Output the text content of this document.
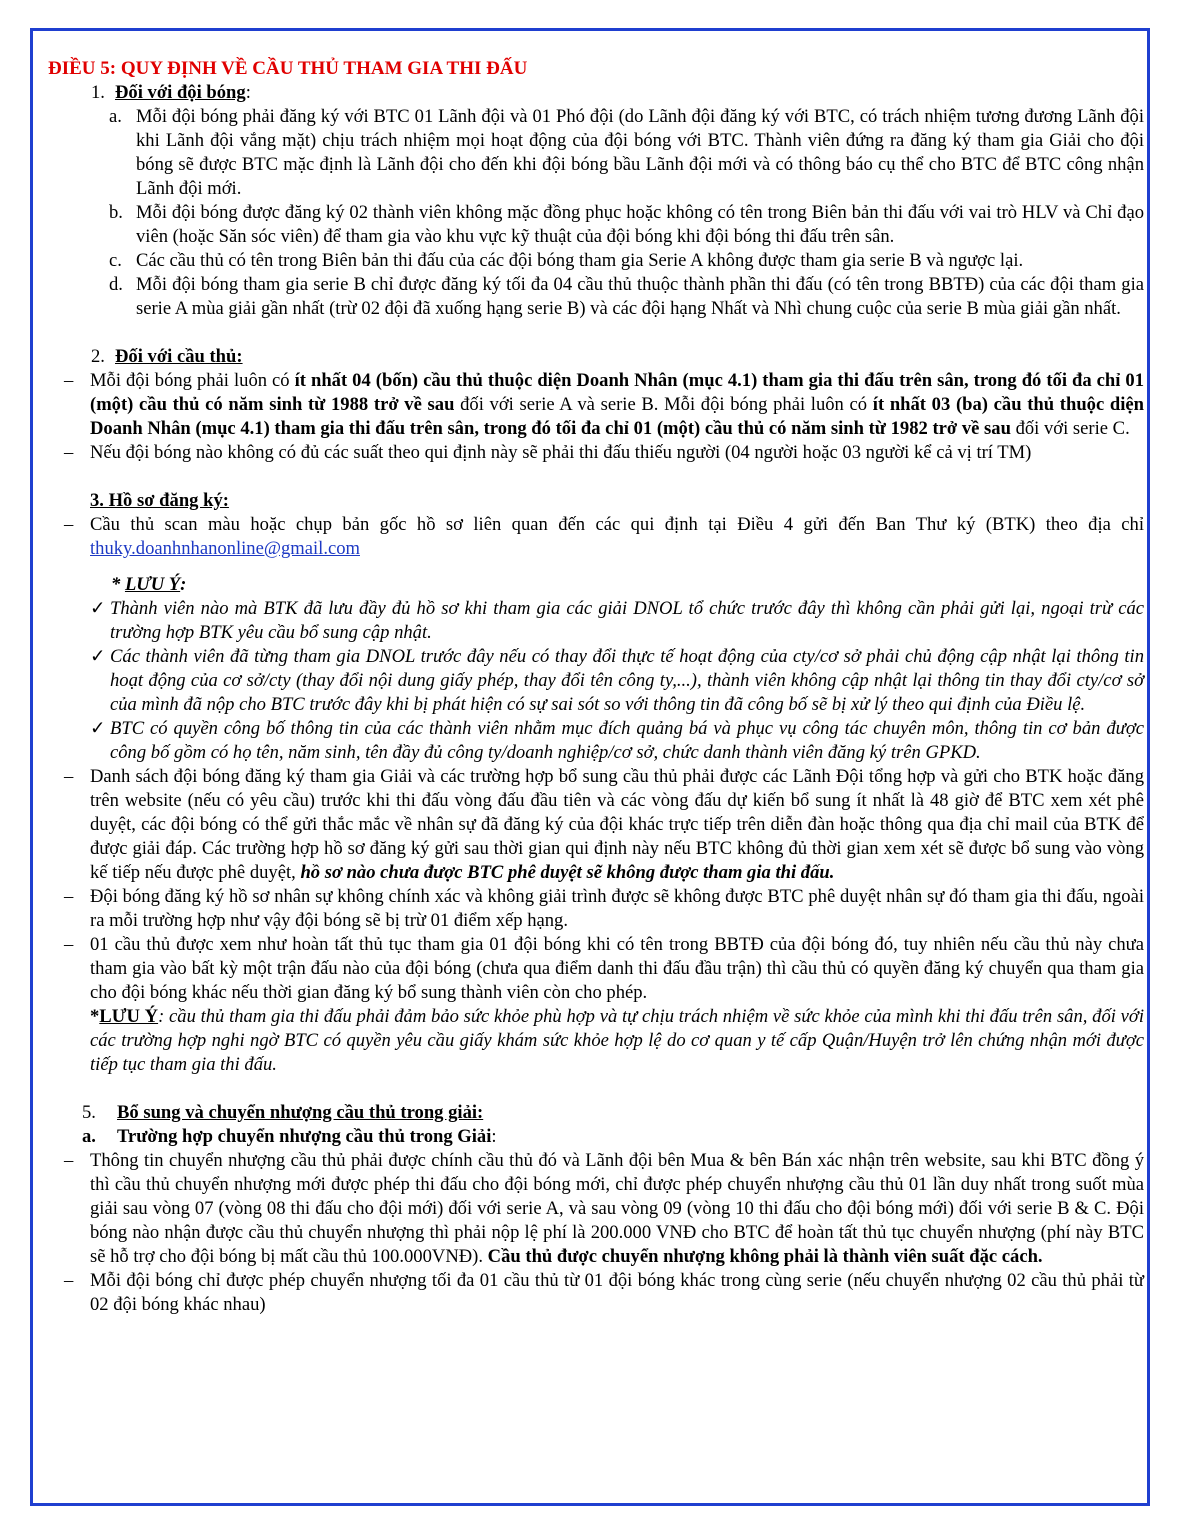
ĐIỀU 5: QUY ĐỊNH VỀ CẦU THỦ THAM GIA THI ĐẤU

1. Đối với đội bóng:

a. Mỗi đội bóng phải đăng ký với BTC 01 Lãnh đội và 01 Phó đội (do Lãnh đội đăng ký với BTC, có trách nhiệm tương đương Lãnh đội khi Lãnh đội vắng mặt) chịu trách nhiệm mọi hoạt động của đội bóng với BTC. Thành viên đứng ra đăng ký tham gia Giải cho đội bóng sẽ được BTC mặc định là Lãnh đội cho đến khi đội bóng bầu Lãnh đội mới và có thông báo cụ thể cho BTC để BTC công nhận Lãnh đội mới.

b. Mỗi đội bóng được đăng ký 02 thành viên không mặc đồng phục hoặc không có tên trong Biên bản thi đấu với vai trò HLV và Chỉ đạo viên (hoặc Săn sóc viên) để tham gia vào khu vực kỹ thuật của đội bóng khi đội bóng thi đấu trên sân.

c. Các cầu thủ có tên trong Biên bản thi đấu của các đội bóng tham gia Serie A không được tham gia serie B và ngược lại.

d. Mỗi đội bóng tham gia serie B chỉ được đăng ký tối đa 04 cầu thủ thuộc thành phần thi đấu (có tên trong BBTĐ) của các đội tham gia serie A mùa giải gần nhất (trừ 02 đội đã xuống hạng serie B) và các đội hạng Nhất và Nhì chung cuộc của serie B mùa giải gần nhất.

2. Đối với cầu thủ:

– Mỗi đội bóng phải luôn có ít nhất 04 (bốn) cầu thủ thuộc diện Doanh Nhân (mục 4.1) tham gia thi đấu trên sân, trong đó tối đa chỉ 01 (một) cầu thủ có năm sinh từ 1988 trở về sau đối với serie A và serie B. Mỗi đội bóng phải luôn có ít nhất 03 (ba) cầu thủ thuộc diện Doanh Nhân (mục 4.1) tham gia thi đấu trên sân, trong đó tối đa chỉ 01 (một) cầu thủ có năm sinh từ 1982 trở về sau đối với serie C.

– Nếu đội bóng nào không có đủ các suất theo qui định này sẽ phải thi đấu thiếu người (04 người hoặc 03 người kể cả vị trí TM)

3. Hồ sơ đăng ký:

– Cầu thủ scan màu hoặc chụp bản gốc hồ sơ liên quan đến các qui định tại Điều 4 gửi đến Ban Thư ký (BTK) theo địa chỉ thuky.doanhnhanonline@gmail.com

* LƯU Ý:

✓ Thành viên nào mà BTK đã lưu đầy đủ hồ sơ khi tham gia các giải DNOL tổ chức trước đây thì không cần phải gửi lại, ngoại trừ các trường hợp BTK yêu cầu bổ sung cập nhật.

✓ Các thành viên đã từng tham gia DNOL trước đây nếu có thay đổi thực tế hoạt động của cty/cơ sở phải chủ động cập nhật lại thông tin hoạt động của cơ sở/cty (thay đổi nội dung giấy phép, thay đổi tên công ty,...), thành viên không cập nhật lại thông tin thay đổi cty/cơ sở của mình đã nộp cho BTC trước đây khi bị phát hiện có sự sai sót so với thông tin đã công bố sẽ bị xử lý theo qui định của Điều lệ.

✓ BTC có quyền công bố thông tin của các thành viên nhằm mục đích quảng bá và phục vụ công tác chuyên môn, thông tin cơ bản được công bố gồm có họ tên, năm sinh, tên đầy đủ công ty/doanh nghiệp/cơ sở, chức danh thành viên đăng ký trên GPKD.

– Danh sách đội bóng đăng ký tham gia Giải và các trường hợp bổ sung cầu thủ phải được các Lãnh Đội tổng hợp và gửi cho BTK hoặc đăng trên website (nếu có yêu cầu) trước khi thi đấu vòng đấu đầu tiên và các vòng đấu dự kiến bổ sung ít nhất là 48 giờ để BTC xem xét phê duyệt, các đội bóng có thể gửi thắc mắc về nhân sự đã đăng ký của đội khác trực tiếp trên diễn đàn hoặc thông qua địa chỉ mail của BTK để được giải đáp. Các trường hợp hồ sơ đăng ký gửi sau thời gian qui định này nếu BTC không đủ thời gian xem xét sẽ được bổ sung vào vòng kế tiếp nếu được phê duyệt, hồ sơ nào chưa được BTC phê duyệt sẽ không được tham gia thi đấu.

– Đội bóng đăng ký hồ sơ nhân sự không chính xác và không giải trình được sẽ không được BTC phê duyệt nhân sự đó tham gia thi đấu, ngoài ra mỗi trường hợp như vậy đội bóng sẽ bị trừ 01 điểm xếp hạng.

– 01 cầu thủ được xem như hoàn tất thủ tục tham gia 01 đội bóng khi có tên trong BBTĐ của đội bóng đó, tuy nhiên nếu cầu thủ này chưa tham gia vào bất kỳ một trận đấu nào của đội bóng (chưa qua điểm danh thi đấu đầu trận) thì cầu thủ có quyền đăng ký chuyển qua tham gia cho đội bóng khác nếu thời gian đăng ký bổ sung thành viên còn cho phép.

*LƯU Ý: cầu thủ tham gia thi đấu phải đảm bảo sức khỏe phù hợp và tự chịu trách nhiệm về sức khỏe của mình khi thi đấu trên sân, đối với các trường hợp nghi ngờ BTC có quyền yêu cầu giấy khám sức khỏe hợp lệ do cơ quan y tế cấp Quận/Huyện trở lên chứng nhận mới được tiếp tục tham gia thi đấu.

5. Bổ sung và chuyển nhượng cầu thủ trong giải:

a. Trường hợp chuyển nhượng cầu thủ trong Giải:

– Thông tin chuyển nhượng cầu thủ phải được chính cầu thủ đó và Lãnh đội bên Mua & bên Bán xác nhận trên website, sau khi BTC đồng ý thì cầu thủ chuyển nhượng mới được phép thi đấu cho đội bóng mới, chỉ được phép chuyển nhượng cầu thủ 01 lần duy nhất trong suốt mùa giải sau vòng 07 (vòng 08 thi đấu cho đội mới) đối với serie A, và sau vòng 09 (vòng 10 thi đấu cho đội bóng mới) đối với serie B & C. Đội bóng nào nhận được cầu thủ chuyển nhượng thì phải nộp lệ phí là 200.000 VNĐ cho BTC để hoàn tất thủ tục chuyển nhượng (phí này BTC sẽ hỗ trợ cho đội bóng bị mất cầu thủ 100.000VNĐ). Cầu thủ được chuyển nhượng không phải là thành viên suất đặc cách.

– Mỗi đội bóng chỉ được phép chuyển nhượng tối đa 01 cầu thủ từ 01 đội bóng khác trong cùng serie (nếu chuyển nhượng 02 cầu thủ phải từ 02 đội bóng khác nhau)
